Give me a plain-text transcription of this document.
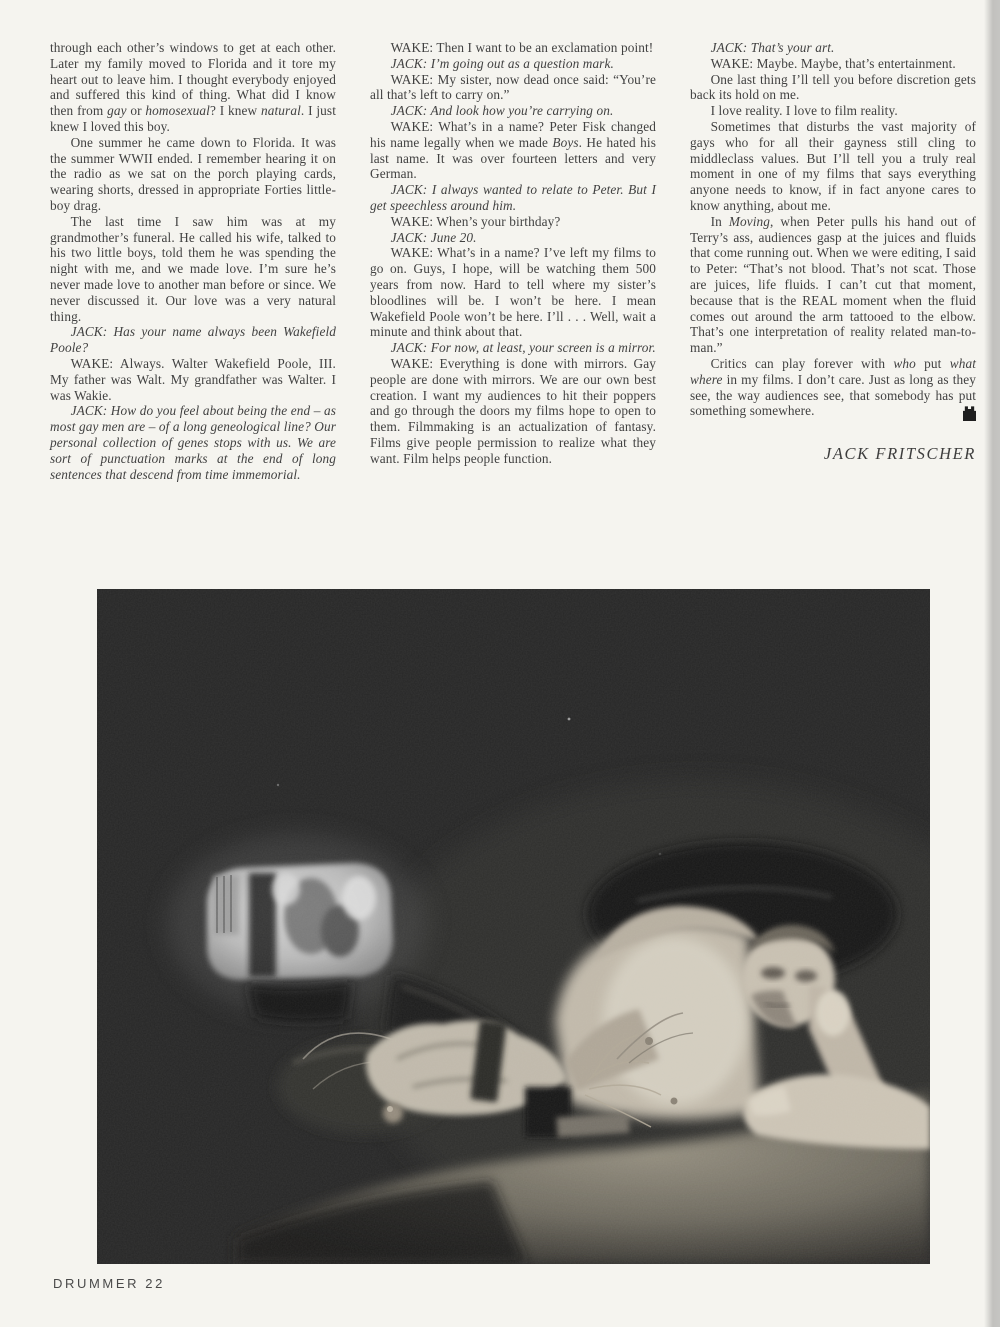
through each other’s windows to get at each other. Later my family moved to Florida and it tore my heart out to leave him. I thought everybody enjoyed and suffered this kind of thing. What did I know then from gay or homosexual? I knew natural. I just knew I loved this boy.

One summer he came down to Florida. It was the summer WWII ended. I remember hearing it on the radio as we sat on the porch playing cards, wearing shorts, dressed in appropriate Forties little-boy drag.

The last time I saw him was at my grandmother’s funeral. He called his wife, talked to his two little boys, told them he was spending the night with me, and we made love. I’m sure he’s never made love to another man before or since. We never discussed it. Our love was a very natural thing.

JACK: Has your name always been Wakefield Poole?

WAKE: Always. Walter Wakefield Poole, III. My father was Walt. My grandfather was Walter. I was Wakie.

JACK: How do you feel about being the end – as most gay men are – of a long geneological line? Our personal collection of genes stops with us. We are sort of punctuation marks at the end of long sentences that descend from time immemorial.

WAKE: Then I want to be an exclamation point!

JACK: I’m going out as a question mark.

WAKE: My sister, now dead once said: “You’re all that’s left to carry on.”

JACK: And look how you’re carrying on.

WAKE: What’s in a name? Peter Fisk changed his name legally when we made Boys. He hated his last name. It was over fourteen letters and very German.

JACK: I always wanted to relate to Peter. But I get speechless around him.

WAKE: When’s your birthday?

JACK: June 20.

WAKE: What’s in a name? I’ve left my films to go on. Guys, I hope, will be watching them 500 years from now. Hard to tell where my sister’s bloodlines will be. I won’t be here. I mean Wakefield Poole won’t be here. I’ll . . . Well, wait a minute and think about that.

JACK: For now, at least, your screen is a mirror.

WAKE: Everything is done with mirrors. Gay people are done with mirrors. We are our own best creation. I want my audiences to hit their poppers and go through the doors my films hope to open to them. Filmmaking is an actualization of fantasy. Films give people permission to realize what they want. Film helps people function.

JACK: That’s your art.

WAKE: Maybe. Maybe, that’s entertainment.

One last thing I’ll tell you before discretion gets back its hold on me.

I love reality. I love to film reality.

Sometimes that disturbs the vast majority of gays who for all their gayness still cling to middleclass values. But I’ll tell you a truly real moment in one of my films that says everything anyone needs to know, if in fact anyone cares to know anything, about me.

In Moving, when Peter pulls his hand out of Terry’s ass, audiences gasp at the juices and fluids that come running out. When we were editing, I said to Peter: “That’s not blood. That’s not scat. Those are juices, life fluids. I can’t cut that moment, because that is the REAL moment when the fluid comes out around the arm tattooed to the elbow. That’s one interpretation of reality related man-to-man.”

Critics can play forever with who put what where in my films. I don’t care. Just as long as they see, the way audiences see, that somebody has put something somewhere.

JACK FRITSCHER
DRUMMER 22
